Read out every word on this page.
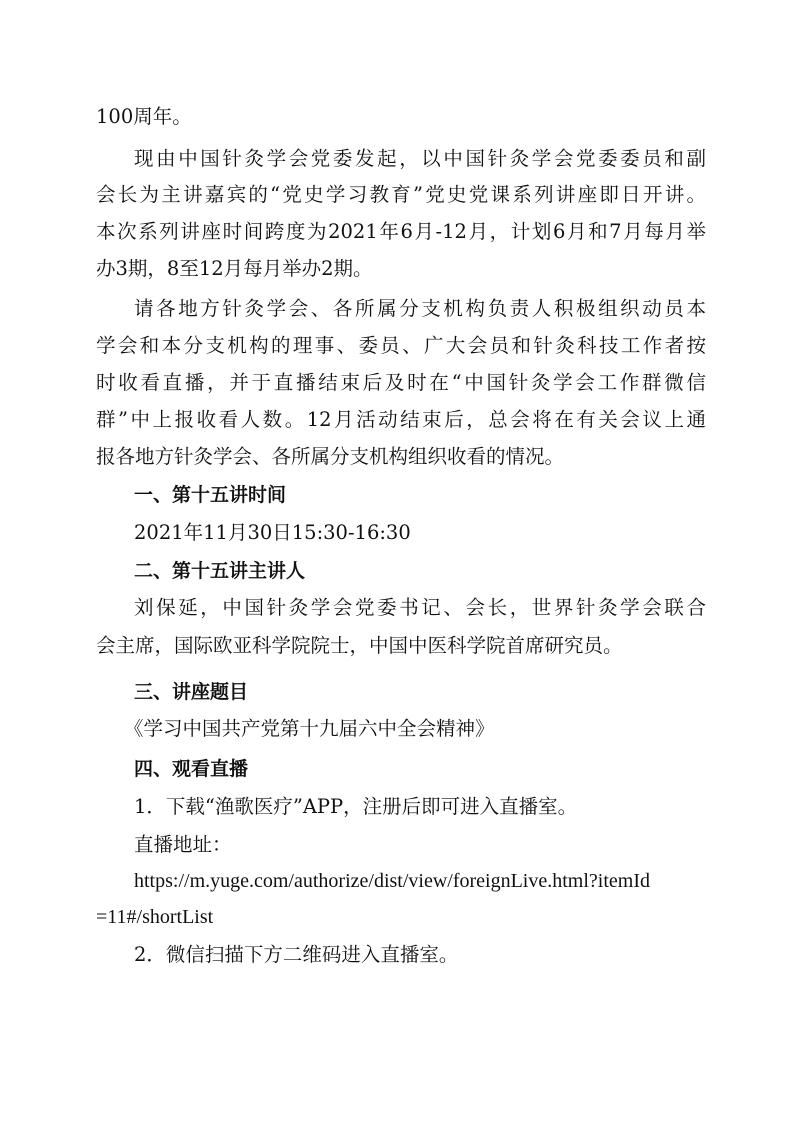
100周年。
现由中国针灸学会党委发起，以中国针灸学会党委委员和副
会长为主讲嘉宾的“党史学习教育”党史党课系列讲座即日开讲。
本次系列讲座时间跨度为2021年6月-12月，计划6月和7月每月举
办3期，8至12月每月举办2期。
请各地方针灸学会、各所属分支机构负责人积极组织动员本
学会和本分支机构的理事、委员、广大会员和针灸科技工作者按
时收看直播，并于直播结束后及时在“中国针灸学会工作群微信
群”中上报收看人数。12月活动结束后，总会将在有关会议上通
报各地方针灸学会、各所属分支机构组织收看的情况。
一、第十五讲时间
2021年11月30日15:30-16:30
二、第十五讲主讲人
刘保延，中国针灸学会党委书记、会长，世界针灸学会联合
会主席，国际欧亚科学院院士，中国中医科学院首席研究员。
三、讲座题目
《学习中国共产党第十九届六中全会精神》
四、观看直播
1．下载“渔歌医疗”APP，注册后即可进入直播室。
直播地址：
https://m.yuge.com/authorize/dist/view/foreignLive.html?itemId
=11#/shortList
2．微信扫描下方二维码进入直播室。
